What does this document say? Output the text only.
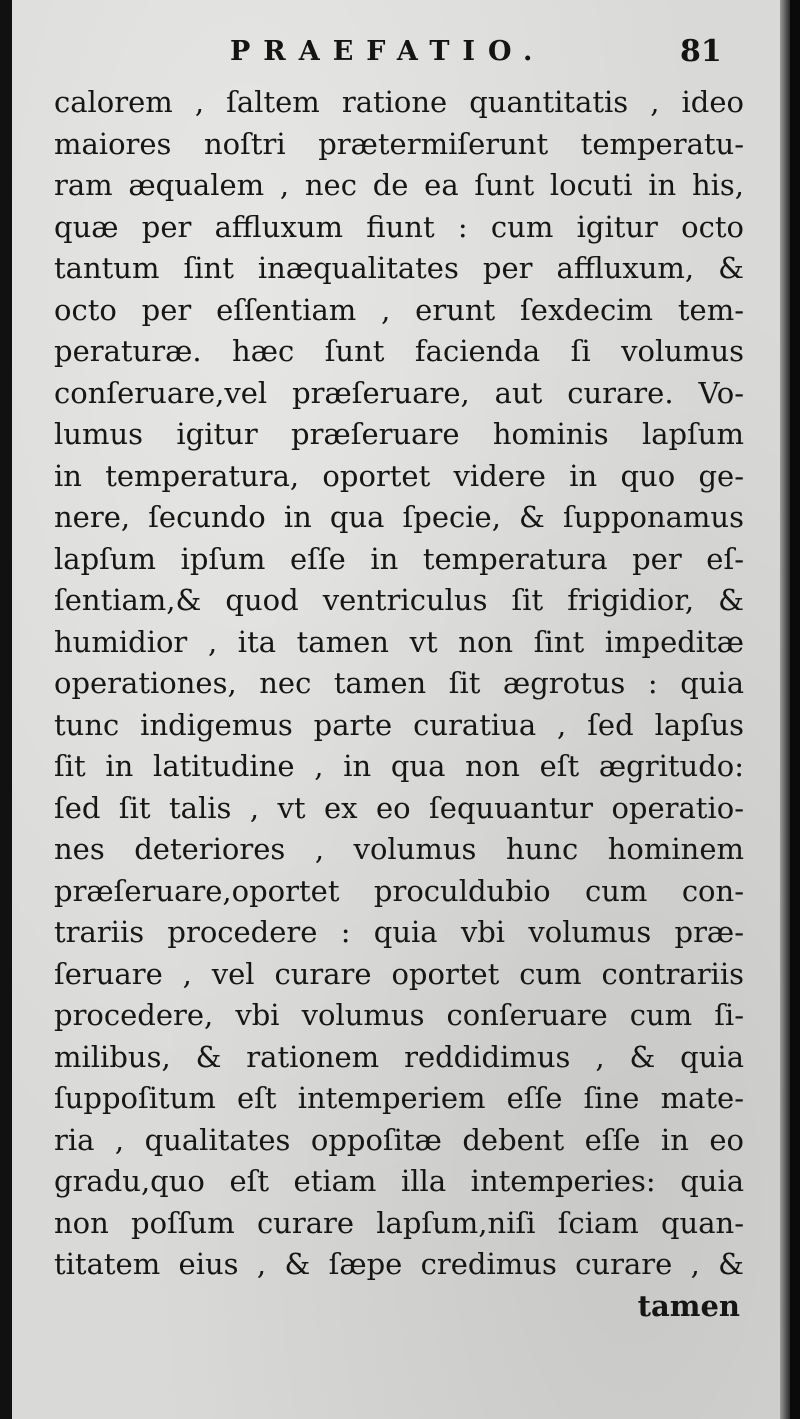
PRAEFATIO.	81
calorem , ſaltem ratione quantitatis , ideo
maiores noſtri prætermiſerunt temperatu-
ram æqualem , nec de ea ſunt locuti in his,
quæ per affluxum fiunt : cum igitur octo
tantum ſint inæqualitates per affluxum, &
octo per eſſentiam , erunt ſexdecim tem-
peraturæ. hæc ſunt facienda ſi volumus
conſeruare,vel præſeruare, aut curare. Vo-
lumus igitur præſeruare hominis lapſum
in temperatura, oportet videre in quo ge-
nere, ſecundo in qua ſpecie, & ſupponamus
lapſum ipſum eſſe in temperatura per eſ-
ſentiam,& quod ventriculus ſit frigidior, &
humidior , ita tamen vt non ſint impeditæ
operationes, nec tamen ſit ægrotus : quia
tunc indigemus parte curatiua , ſed lapſus
ſit in latitudine , in qua non eſt ægritudo:
ſed ſit talis , vt ex eo ſequuantur operatio-
nes deteriores , volumus hunc hominem
præſeruare,oportet proculdubio cum con-
trariis procedere : quia vbi volumus præ-
ſeruare , vel curare oportet cum contrariis
procedere, vbi volumus conſeruare cum ſi-
milibus, & rationem reddidimus , & quia
ſuppoſitum eſt intemperiem eſſe ſine mate-
ria , qualitates oppoſitæ debent eſſe in eo
gradu,quo eſt etiam illa intemperies: quia
non poſſum curare lapſum,niſi ſciam quan-
titatem eius , & ſæpe credimus curare , &
tamen
